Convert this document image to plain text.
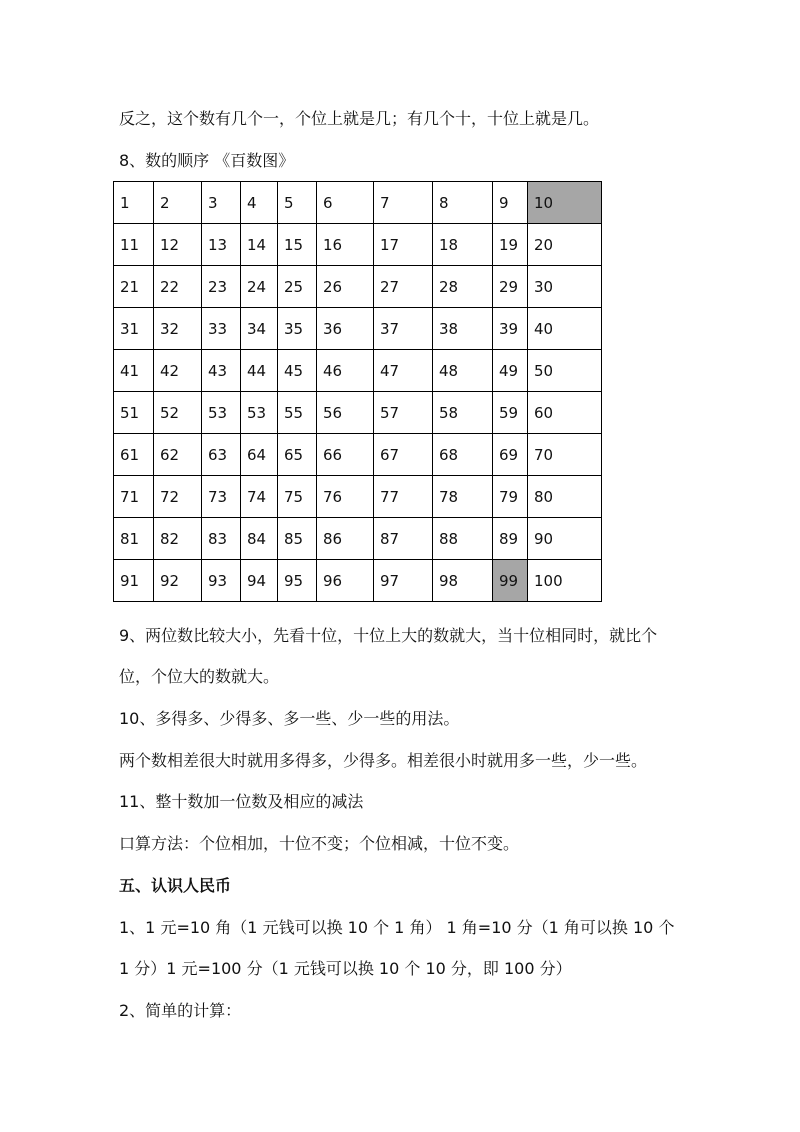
反之，这个数有几个一，个位上就是几；有几个十，十位上就是几。
8、数的顺序 《百数图》
1	2	3	4	5	6	7	8	9	10
11	12	13	14	15	16	17	18	19	20
21	22	23	24	25	26	27	28	29	30
31	32	33	34	35	36	37	38	39	40
41	42	43	44	45	46	47	48	49	50
51	52	53	53	55	56	57	58	59	60
61	62	63	64	65	66	67	68	69	70
71	72	73	74	75	76	77	78	79	80
81	82	83	84	85	86	87	88	89	90
91	92	93	94	95	96	97	98	99	100
9、两位数比较大小，先看十位，十位上大的数就大，当十位相同时，就比个
位，个位大的数就大。
10、多得多、少得多、多一些、少一些的用法。
两个数相差很大时就用多得多，少得多。相差很小时就用多一些，少一些。
11、整十数加一位数及相应的减法
口算方法：个位相加，十位不变；个位相减，十位不变。
五、认识人民币
1、1 元=10 角（1 元钱可以换 10 个 1 角） 1 角=10 分（1 角可以换 10 个
1 分）1 元=100 分（1 元钱可以换 10 个 10 分，即 100 分）
2、简单的计算：
